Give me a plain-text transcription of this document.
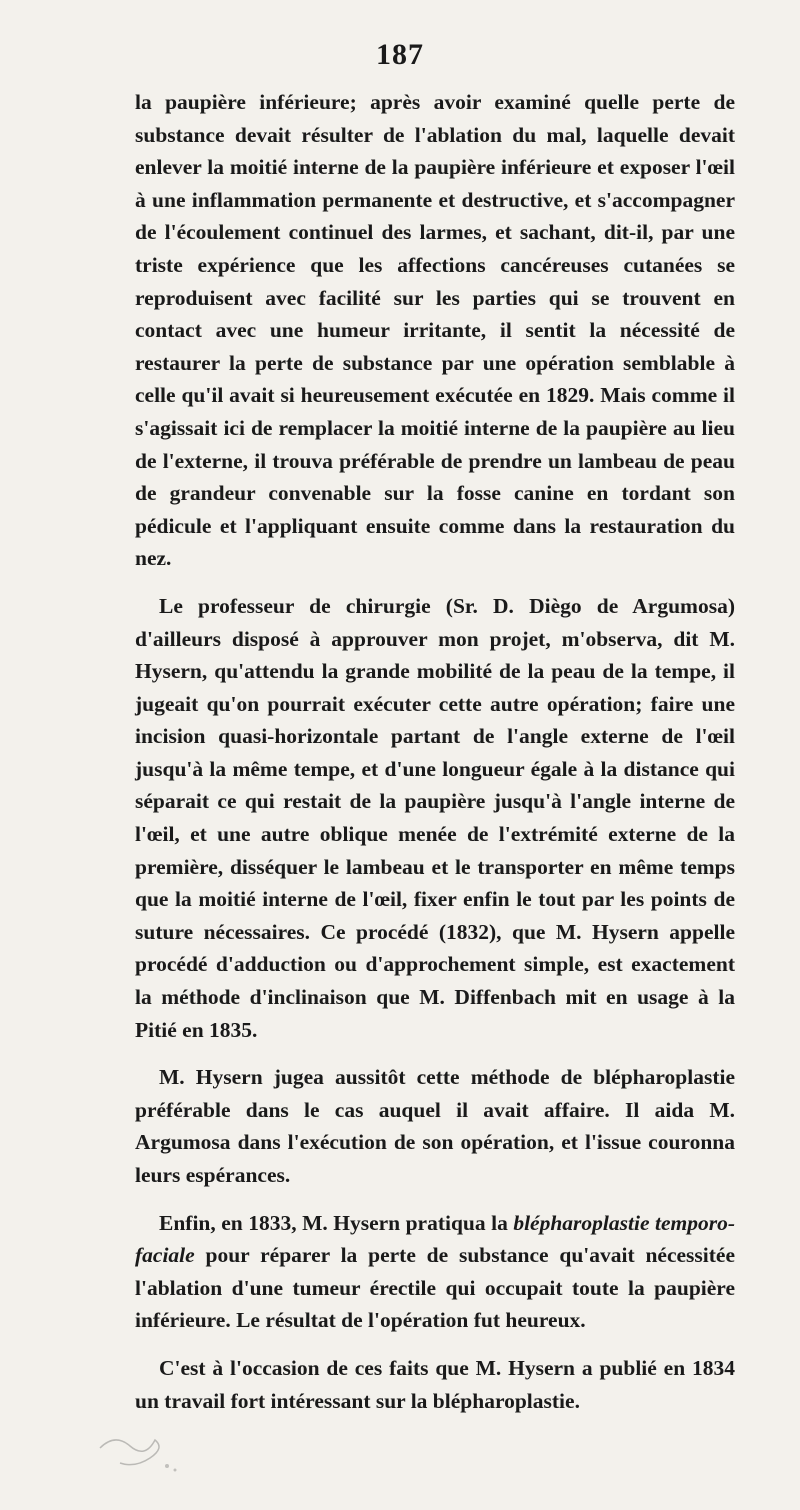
187

la paupière inférieure; après avoir examiné quelle perte de substance devait résulter de l'ablation du mal, laquelle devait enlever la moitié interne de la paupière inférieure et exposer l'œil à une inflammation permanente et destructive, et s'accompagner de l'écoulement continuel des larmes, et sachant, dit-il, par une triste expérience que les affections cancéreuses cutanées se reproduisent avec facilité sur les parties qui se trouvent en contact avec une humeur irritante, il sentit la nécessité de restaurer la perte de substance par une opération semblable à celle qu'il avait si heureusement exécutée en 1829. Mais comme il s'agissait ici de remplacer la moitié interne de la paupière au lieu de l'externe, il trouva préférable de prendre un lambeau de peau de grandeur convenable sur la fosse canine en tordant son pédicule et l'appliquant ensuite comme dans la restauration du nez.

Le professeur de chirurgie (Sr. D. Diègo de Argumosa) d'ailleurs disposé à approuver mon projet, m'observa, dit M. Hysern, qu'attendu la grande mobilité de la peau de la tempe, il jugeait qu'on pourrait exécuter cette autre opération; faire une incision quasi-horizontale partant de l'angle externe de l'œil jusqu'à la même tempe, et d'une longueur égale à la distance qui séparait ce qui restait de la paupière jusqu'à l'angle interne de l'œil, et une autre oblique menée de l'extrémité externe de la première, disséquer le lambeau et le transporter en même temps que la moitié interne de l'œil, fixer enfin le tout par les points de suture nécessaires. Ce procédé (1832), que M. Hysern appelle procédé d'adduction ou d'approchement simple, est exactement la méthode d'inclinaison que M. Diffenbach mit en usage à la Pitié en 1835.

M. Hysern jugea aussitôt cette méthode de blépharoplastie préférable dans le cas auquel il avait affaire. Il aida M. Argumosa dans l'exécution de son opération, et l'issue couronna leurs espérances.

Enfin, en 1833, M. Hysern pratiqua la blépharoplastie temporo-faciale pour réparer la perte de substance qu'avait nécessitée l'ablation d'une tumeur érectile qui occupait toute la paupière inférieure. Le résultat de l'opération fut heureux.

C'est à l'occasion de ces faits que M. Hysern a publié en 1834 un travail fort intéressant sur la blépharoplastie.
